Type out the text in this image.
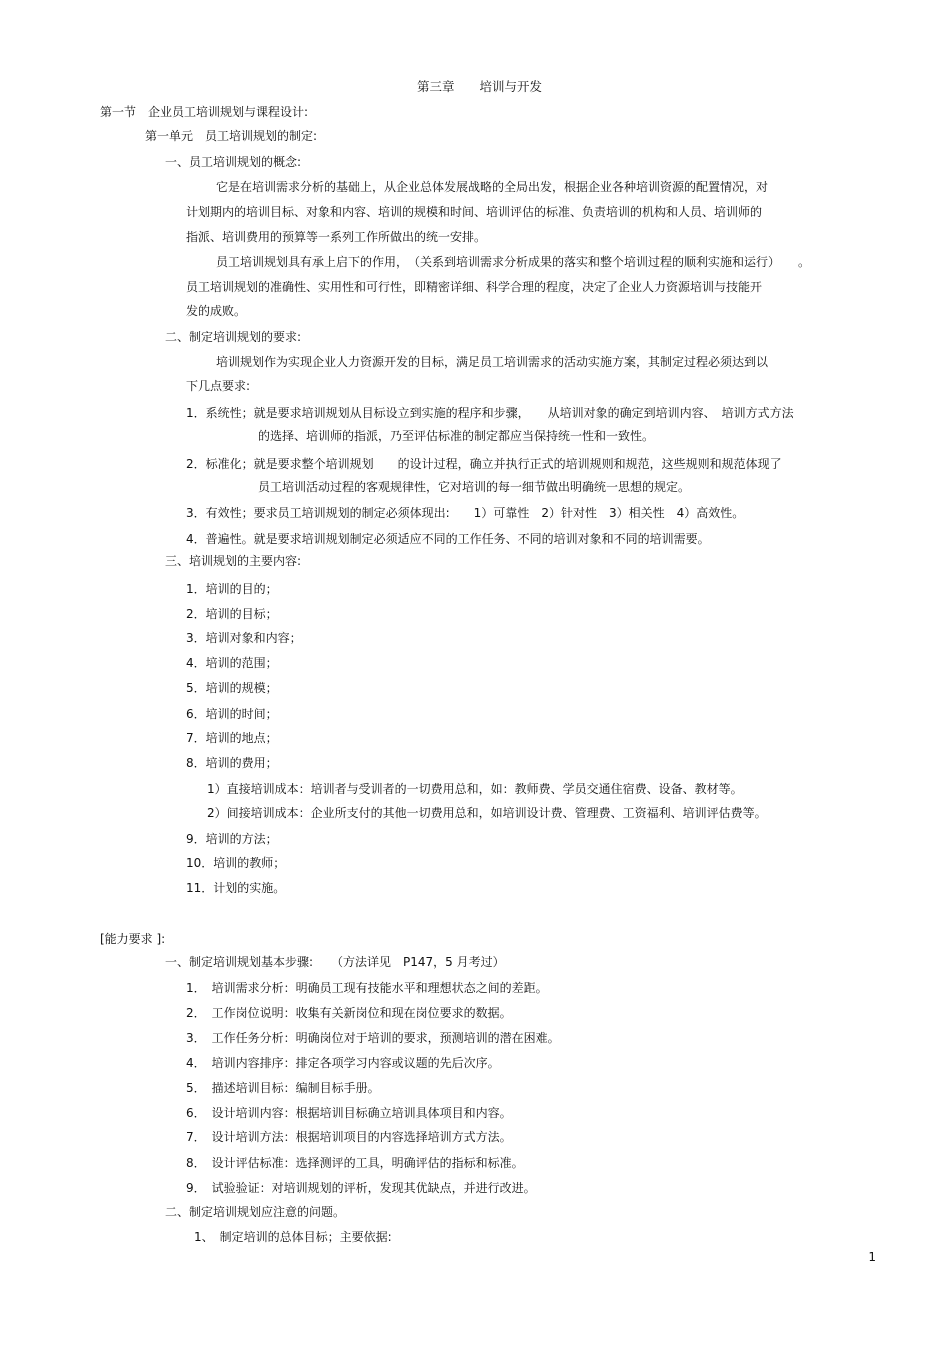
第三章　　培训与开发
第一节　企业员工培训规划与课程设计:
第一单元　员工培训规划的制定:
一、员工培训规划的概念:
它是在培训需求分析的基础上，从企业总体发展战略的全局出发，根据企业各种培训资源的配置情况，对
计划期内的培训目标、对象和内容、培训的规模和时间、培训评估的标准、负责培训的机构和人员、培训师的
指派、培训费用的预算等一系列工作所做出的统一安排。
员工培训规划具有承上启下的作用，　（关系到培训需求分析成果的落实和整个培训过程的顺利实施和运行）　　。
员工培训规划的准确性、实用性和可行性，即精密详细、科学合理的程度，决定了企业人力资源培训与技能开
发的成败。
二、制定培训规划的要求:
培训规划作为实现企业人力资源开发的目标，满足员工培训需求的活动实施方案，其制定过程必须达到以
下几点要求:
1．系统性；就是要求培训规划从目标设立到实施的程序和步骤，　　从培训对象的确定到培训内容、　培训方式方法
的选择、培训师的指派，乃至评估标准的制定都应当保持统一性和一致性。
2．标准化；就是要求整个培训规划　　的设计过程，确立并执行正式的培训规则和规范，这些规则和规范体现了
员工培训活动过程的客观规律性，它对培训的每一细节做出明确统一思想的规定。
3．有效性；要求员工培训规划的制定必须体现出:　　1）可靠性　2）针对性　3）相关性　4）高效性。
4．普遍性。就是要求培训规划制定必须适应不同的工作任务、不同的培训对象和不同的培训需要。
三、培训规划的主要内容:
1．培训的目的；
2．培训的目标；
3．培训对象和内容；
4．培训的范围；
5．培训的规模；
6．培训的时间；
7．培训的地点；
8．培训的费用；
1）直接培训成本：培训者与受训者的一切费用总和，如：教师费、学员交通住宿费、设备、教材等。
2）间接培训成本：企业所支付的其他一切费用总和，如培训设计费、管理费、工资福利、培训评估费等。
9．培训的方法；
10．培训的教师；
11．计划的实施。
[能力要求 ]:
一、制定培训规划基本步骤:　　（方法详见　P147，5 月考过）
1．　培训需求分析：明确员工现有技能水平和理想状态之间的差距。
2．　工作岗位说明：收集有关新岗位和现在岗位要求的数据。
3．　工作任务分析：明确岗位对于培训的要求，预测培训的潜在困难。
4．　培训内容排序：排定各项学习内容或议题的先后次序。
5．　描述培训目标：编制目标手册。
6．　设计培训内容：根据培训目标确立培训具体项目和内容。
7．　设计培训方法：根据培训项目的内容选择培训方式方法。
8．　设计评估标准：选择测评的工具，明确评估的指标和标准。
9．　试验验证：对培训规划的评析，发现其优缺点，并进行改进。
二、制定培训规划应注意的问题。
1、　制定培训的总体目标；主要依据:
1
